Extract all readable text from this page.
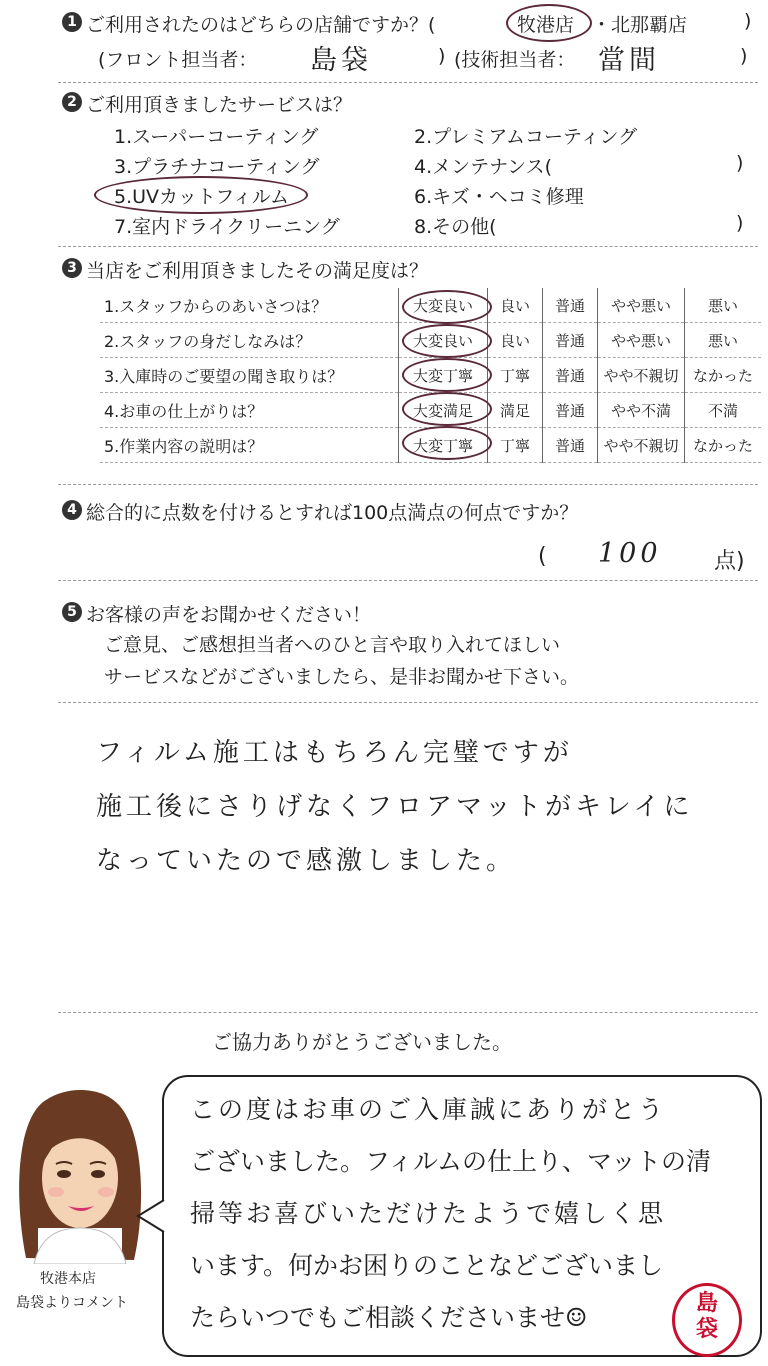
1 ご利用されたのはどちらの店舗ですか？(	牧港店 ・北那覇店	)
(フロント担当者： 島袋	) (技術担当者： 當間	)
2 ご利用頂きましたサービスは？
1.スーパーコーティング	2.プレミアムコーティング
3.プラチナコーティング	4.メンテナンス(	)
5.UVカットフィルム	6.キズ・ヘコミ修理
7.室内ドライクリーニング	8.その他(	)
3 当店をご利用頂きましたその満足度は？
1.スタッフからのあいさつは？	大変良い	良い	普通	やや悪い	悪い
2.スタッフの身だしなみは？	大変良い	良い	普通	やや悪い	悪い
3.入庫時のご要望の聞き取りは？	大変丁寧	丁寧	普通	やや不親切	なかった
4.お車の仕上がりは？	大変満足	満足	普通	やや不満	不満
5.作業内容の説明は？	大変丁寧	丁寧	普通	やや不親切	なかった
4 総合的に点数を付けるとすれば100点満点の何点ですか？
( 100 点)
5 お客様の声をお聞かせください！
ご意見、ご感想担当者へのひと言や取り入れてほしい
サービスなどがございましたら、是非お聞かせ下さい。
フィルム施工はもちろん完璧ですが
施工後にさりげなくフロアマットがキレイに
なっていたので感激しました。
ご協力ありがとうございました。
牧港本店
島袋よりコメント
この度はお車のご入庫誠にありがとう
ございました。フィルムの仕上り、マットの清
掃等お喜びいただけたようで嬉しく思
います。何かお困りのことなどございまし
たらいつでもご相談くださいませ☺	島
袋
